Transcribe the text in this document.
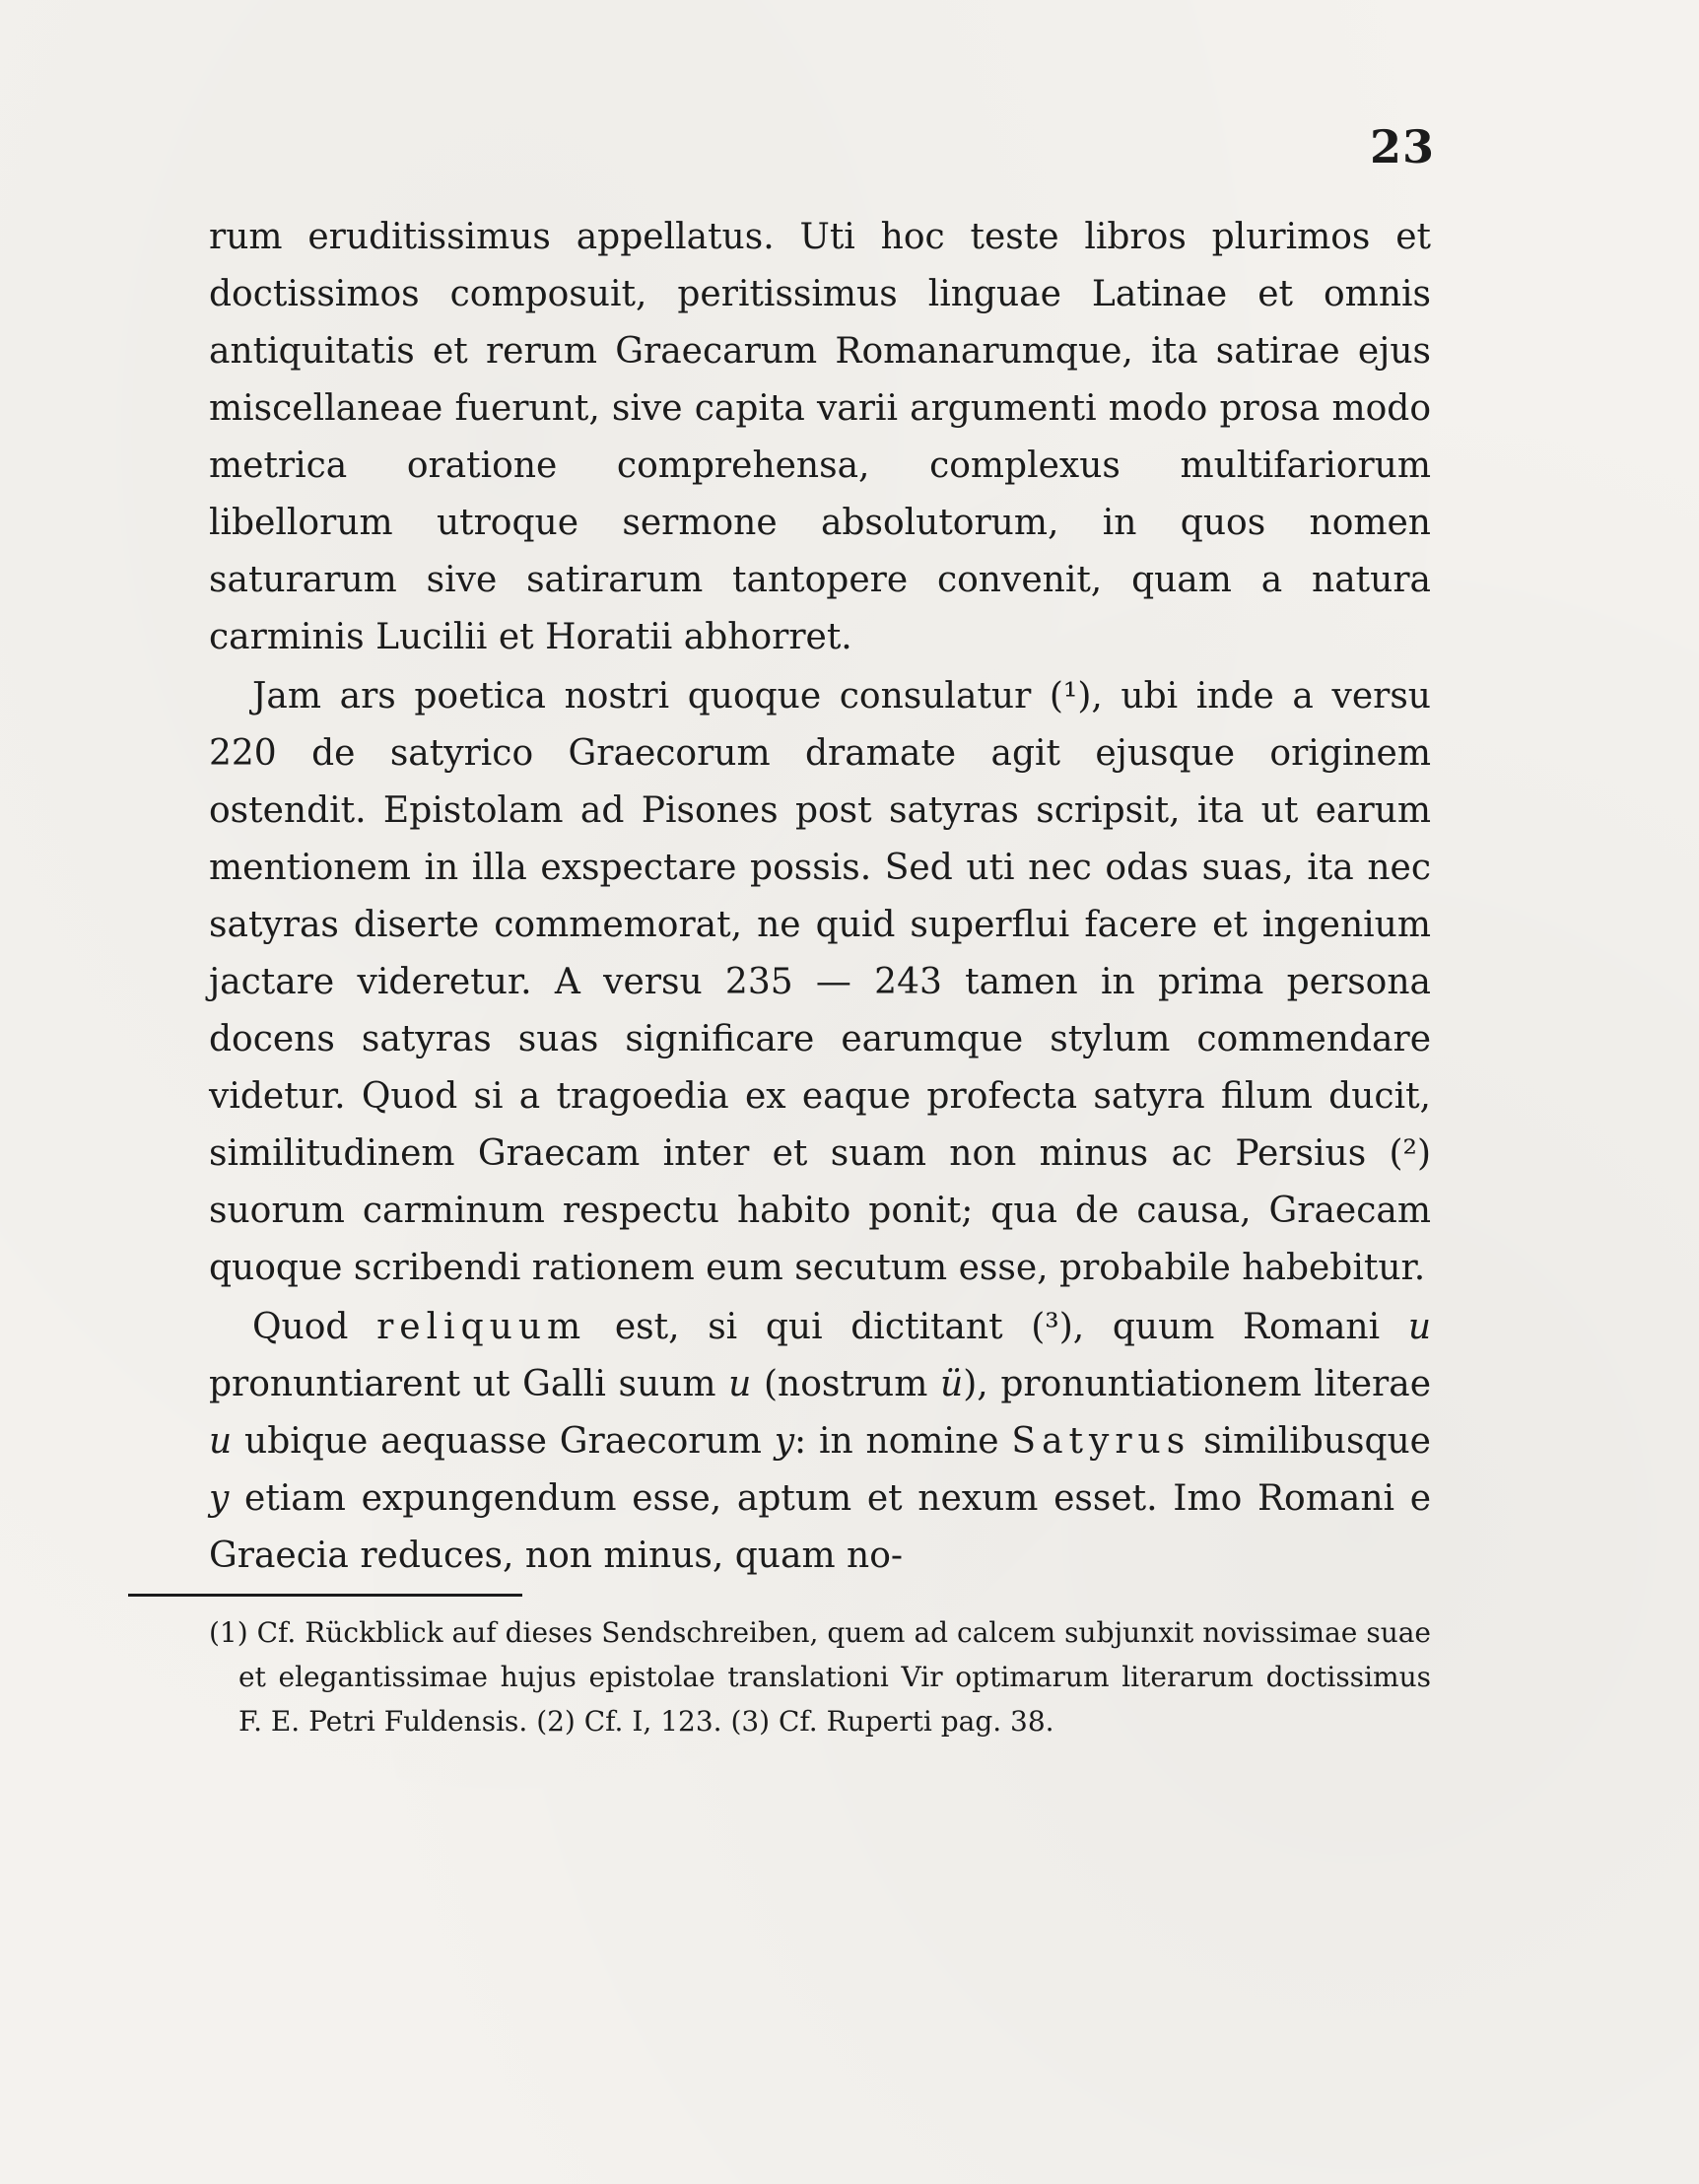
23

rum eruditissimus appellatus. Uti hoc teste libros plurimos et doctissimos composuit, peritissimus linguae Latinae et omnis antiquitatis et rerum Graecarum Romanarumque, ita satirae ejus miscellaneae fuerunt, sive capita varii argumenti modo prosa modo metrica oratione comprehensa, complexus multifariorum libellorum utroque sermone absolutorum, in quos nomen saturarum sive satirarum tantopere convenit, quam a natura carminis Lucilii et Horatii abhorret.

Jam ars poetica nostri quoque consulatur (¹), ubi inde a versu 220 de satyrico Graecorum dramate agit ejusque originem ostendit. Epistolam ad Pisones post satyras scripsit, ita ut earum mentionem in illa exspectare possis. Sed uti nec odas suas, ita nec satyras diserte commemorat, ne quid superflui facere et ingenium jactare videretur. A versu 235 — 243 tamen in prima persona docens satyras suas significare earumque stylum commendare videtur. Quod si a tragoedia ex eaque profecta satyra filum ducit, similitudinem Graecam inter et suam non minus ac Persius (²) suorum carminum respectu habito ponit; qua de causa, Graecam quoque scribendi rationem eum secutum esse, probabile habebitur.

Quod reliquum est, si qui dictitant (³), quum Romani u pronuntiarent ut Galli suum u (nostrum ü), pronuntiationem literae u ubique aequasse Graecorum y: in nomine Satyrus similibusque y etiam expungendum esse, aptum et nexum esset. Imo Romani e Graecia reduces, non minus, quam no-

(1) Cf. Rückblick auf dieses Sendschreiben, quem ad calcem subjunxit novissimae suae et elegantissimae hujus epistolae translationi Vir optimarum literarum doctissimus F. E. Petri Fuldensis. (2) Cf. I, 123. (3) Cf. Ruperti pag. 38.
